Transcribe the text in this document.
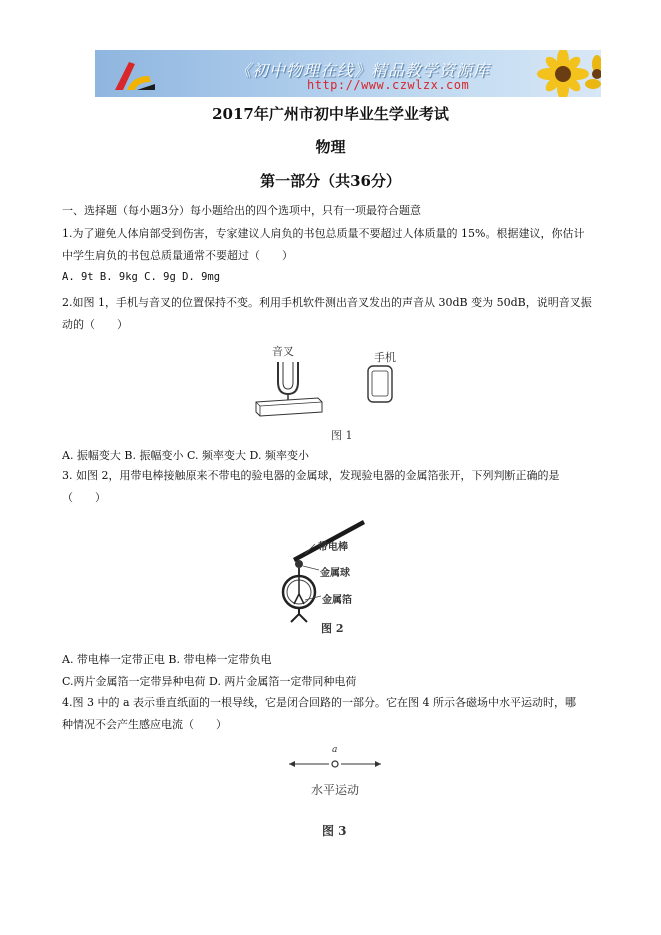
《初中物理在线》精品教学资源库
http://www.czwlzx.com
2017年广州市初中毕业生学业考试
物理
第一部分（共36分）
一、选择题（每小题3分）每小题给出的四个选项中，只有一项最符合题意
1.为了避免人体肩部受到伤害，专家建议人肩负的书包总质量不要超过人体质量的 15%。根据建议，你估计
中学生肩负的书包总质量通常不要超过（　　）
A. 9t B. 9kg C. 9g D. 9mg
2.如图 1，手机与音叉的位置保持不变。利用手机软件测出音叉发出的声音从 30dB 变为 50dB，说明音叉振
动的（　　）
音叉	手机
图 1
A. 振幅变大 B. 振幅变小 C. 频率变大 D. 频率变小
3. 如图 2，用带电棒接触原来不带电的验电器的金属球，发现验电器的金属箔张开，下列判断正确的是
（　　）
带电棒
金属球
金属箔
图 2
A. 带电棒一定带正电 B. 带电棒一定带负电
C.两片金属箔一定带异种电荷 D. 两片金属箔一定带同种电荷
4.图 3 中的 a 表示垂直纸面的一根导线，它是闭合回路的一部分。它在图 4 所示各磁场中水平运动时，哪
种情况不会产生感应电流（　　）
a
水平运动
图 3
